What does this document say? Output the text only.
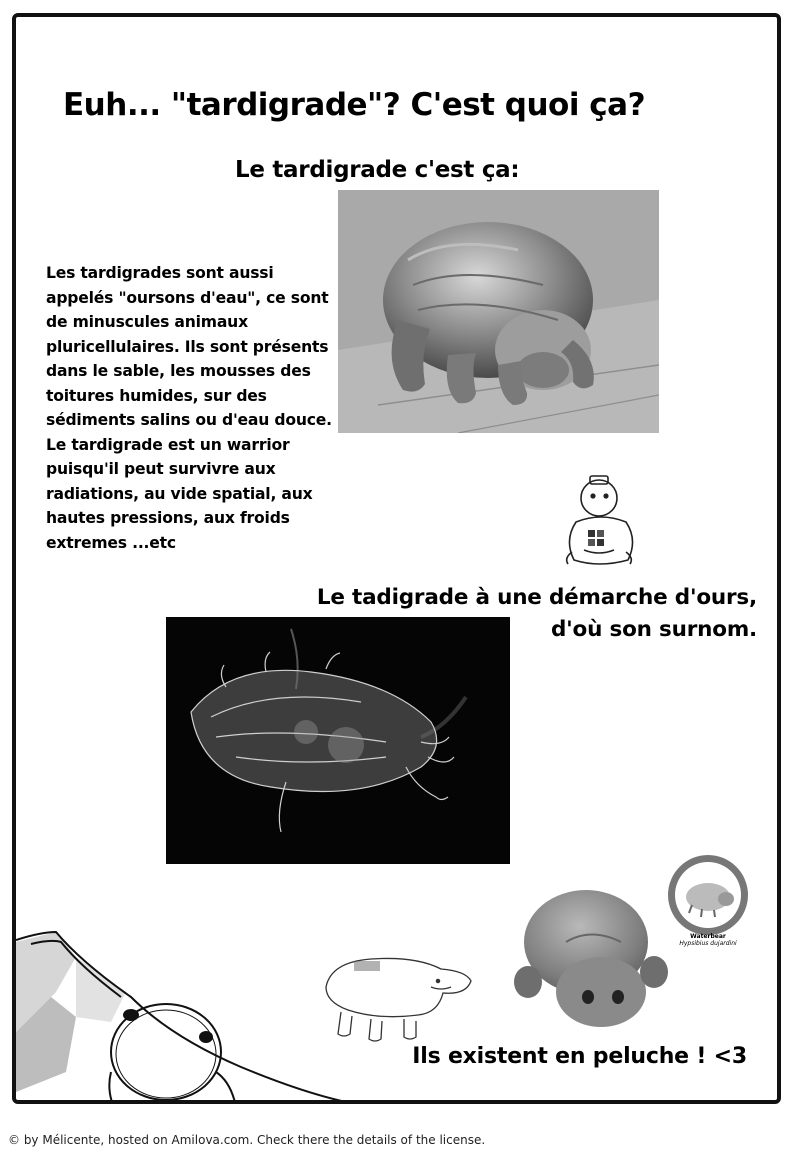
Euh... "tardigrade"? C'est quoi ça?
Le tardigrade c'est ça:
Les tardigrades sont aussi
appelés "oursons d'eau", ce sont
de minuscules animaux
pluricellulaires. Ils sont présents
dans le sable, les mousses des
toitures humides, sur des
sédiments salins ou d'eau douce.
Le tardigrade est un warrior
puisqu'il peut survivre aux
radiations, au vide spatial, aux
hautes pressions, aux froids
extremes ...etc
Le tadigrade à une démarche d'ours,
d'où son surnom.
Waterbear
Hypsibius dujardini
Ils existent en peluche ! <3
© by Mélicente, hosted on Amilova.com. Check there the details of the license.
